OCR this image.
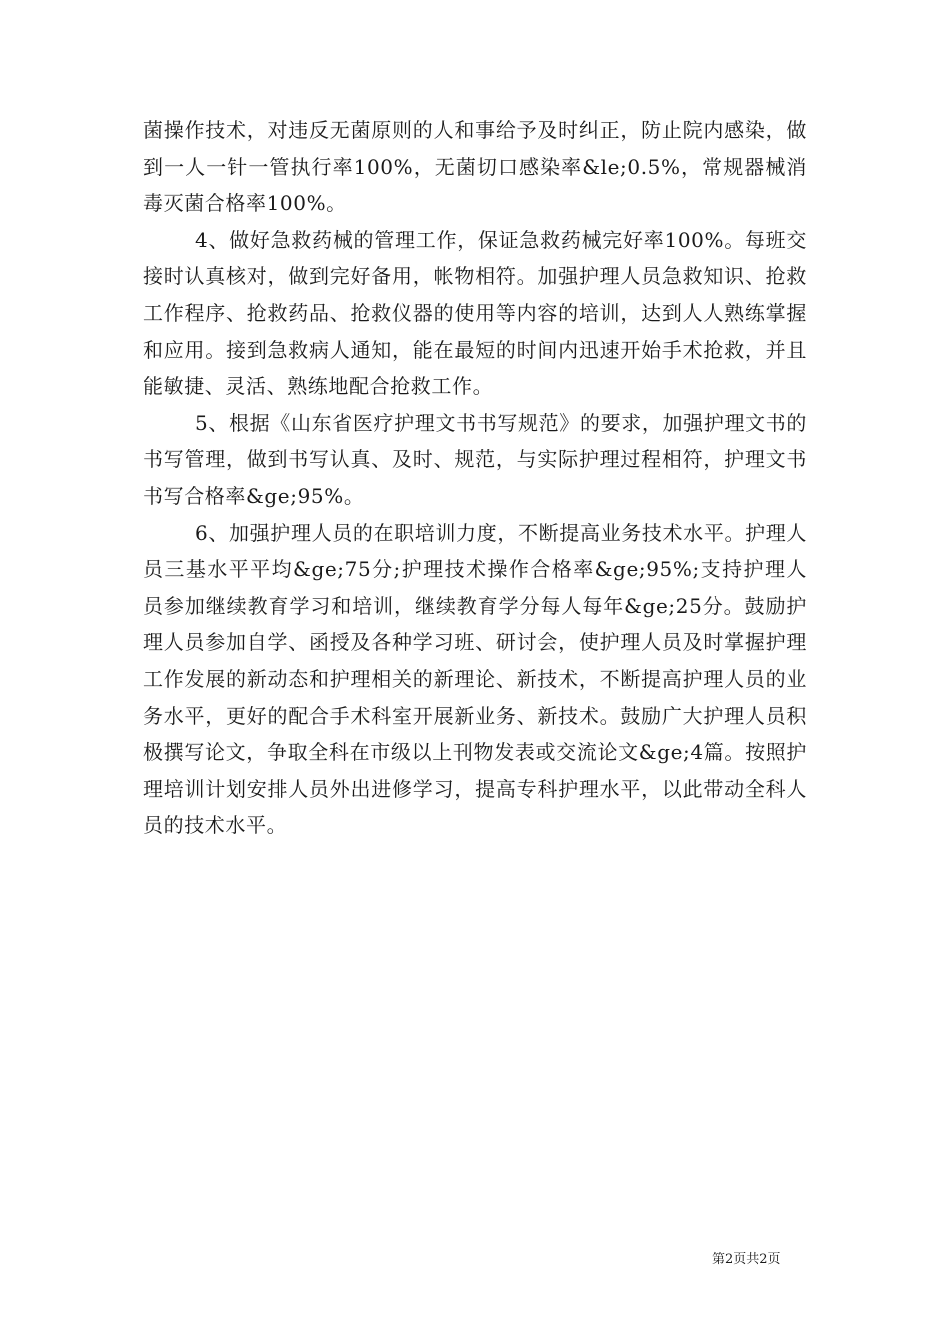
菌操作技术，对违反无菌原则的人和事给予及时纠正，防止院内感染，做到一人一针一管执行率100%，无菌切口感染率&le;0.5%，常规器械消毒灭菌合格率100%。

4、做好急救药械的管理工作，保证急救药械完好率100%。每班交接时认真核对，做到完好备用，帐物相符。加强护理人员急救知识、抢救工作程序、抢救药品、抢救仪器的使用等内容的培训，达到人人熟练掌握和应用。接到急救病人通知，能在最短的时间内迅速开始手术抢救，并且能敏捷、灵活、熟练地配合抢救工作。

5、根据《山东省医疗护理文书书写规范》的要求，加强护理文书的书写管理，做到书写认真、及时、规范，与实际护理过程相符，护理文书书写合格率&ge;95%。

6、加强护理人员的在职培训力度，不断提高业务技术水平。护理人员三基水平平均&ge;75分;护理技术操作合格率&ge;95%;支持护理人员参加继续教育学习和培训，继续教育学分每人每年&ge;25分。鼓励护理人员参加自学、函授及各种学习班、研讨会，使护理人员及时掌握护理工作发展的新动态和护理相关的新理论、新技术，不断提高护理人员的业务水平，更好的配合手术科室开展新业务、新技术。鼓励广大护理人员积极撰写论文，争取全科在市级以上刊物发表或交流论文&ge;4篇。按照护理培训计划安排人员外出进修学习，提高专科护理水平，以此带动全科人员的技术水平。

第2页共2页
